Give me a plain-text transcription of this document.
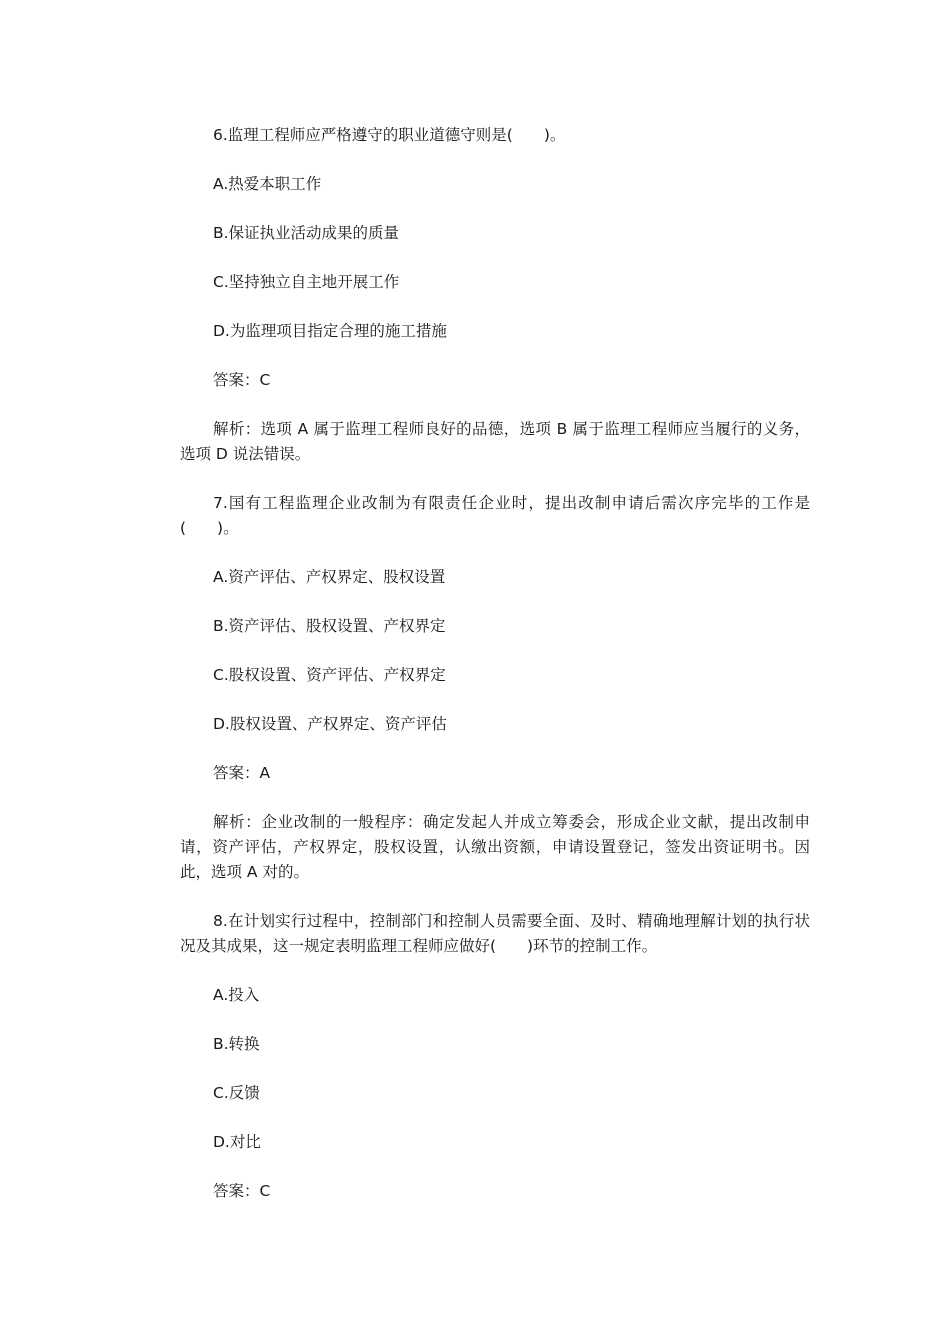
6.监理工程师应严格遵守的职业道德守则是(　　)。

A.热爱本职工作

B.保证执业活动成果的质量

C.坚持独立自主地开展工作

D.为监理项目指定合理的施工措施

答案：C

解析：选项 A 属于监理工程师良好的品德，选项 B 属于监理工程师应当履行的义务，选项 D 说法错误。

7.国有工程监理企业改制为有限责任企业时，提出改制申请后需次序完毕的工作是(　　)。

A.资产评估、产权界定、股权设置

B.资产评估、股权设置、产权界定

C.股权设置、资产评估、产权界定

D.股权设置、产权界定、资产评估

答案：A

解析：企业改制的一般程序：确定发起人并成立筹委会，形成企业文献，提出改制申请，资产评估，产权界定，股权设置，认缴出资额，申请设置登记，签发出资证明书。因此，选项 A 对的。

8.在计划实行过程中，控制部门和控制人员需要全面、及时、精确地理解计划的执行状况及其成果，这一规定表明监理工程师应做好(　　)环节的控制工作。

A.投入

B.转换

C.反馈

D.对比

答案：C
